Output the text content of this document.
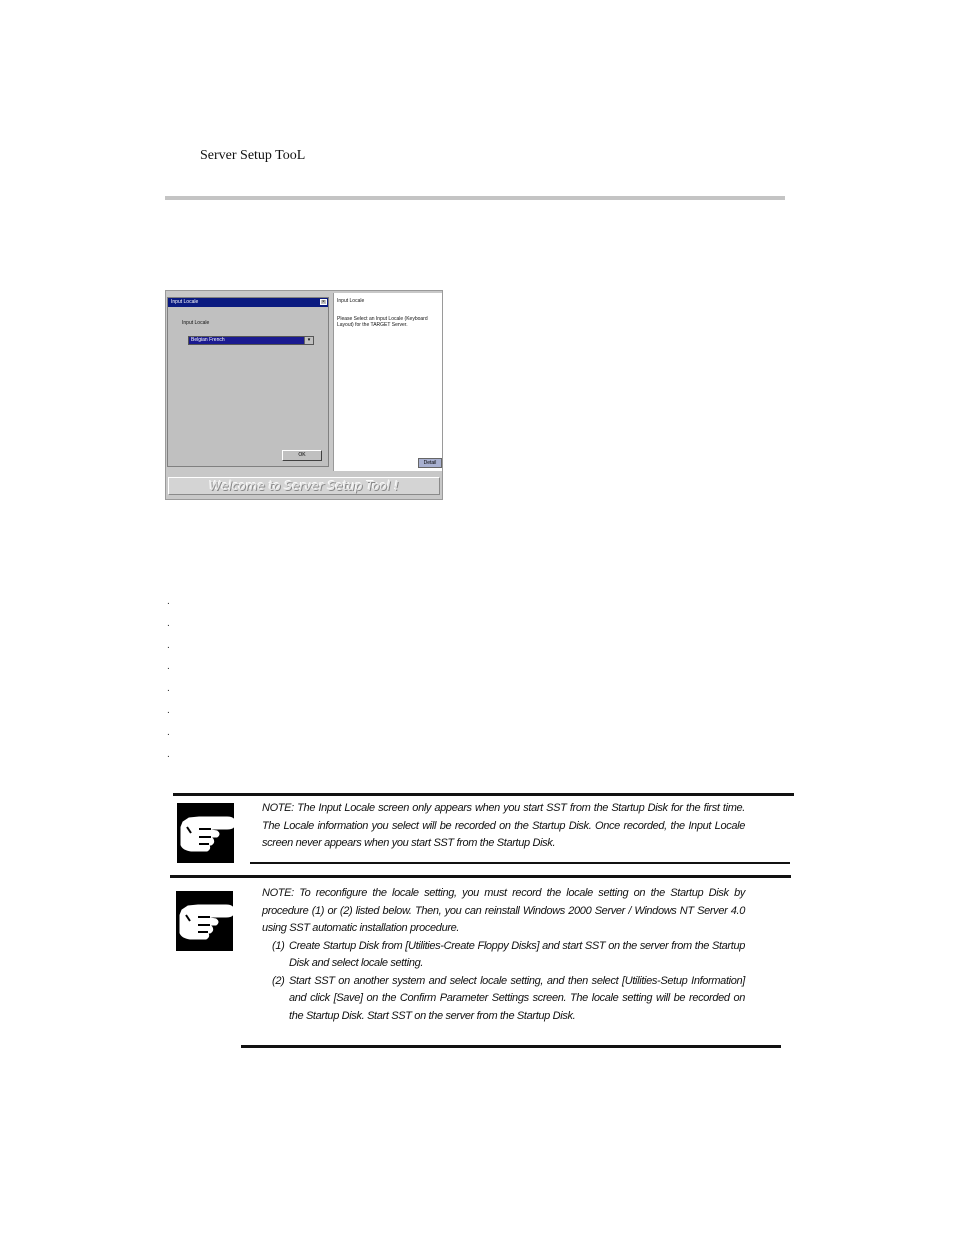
Server Setup TooL
Input Locale	×
Input Locale
Belgian French	▾
OK
Input Locale
Please Select an Input Locale (Keyboard Layout) for the TARGET Server.
Detail
Welcome to Server Setup Tool !
.
.
.
.
.
.
.
.

NOTE: The Input Locale screen only appears when you start SST from the Startup Disk for the first time. The Locale information you select will be recorded on the Startup Disk. Once recorded, the Input Locale screen never appears when you start SST from the Startup Disk.

NOTE: To reconfigure the locale setting, you must record the locale setting on the Startup Disk by procedure (1) or (2) listed below. Then, you can reinstall Windows 2000 Server / Windows NT Server 4.0 using SST automatic installation procedure.

(1) Create Startup Disk from [Utilities-Create Floppy Disks] and start SST on the server from the Startup Disk and select locale setting.
(2) Start SST on another system and select locale setting, and then select [Utilities-Setup Information] and click [Save] on the Confirm Parameter Settings screen. The locale setting will be recorded on the Startup Disk. Start SST on the server from the Startup Disk.
